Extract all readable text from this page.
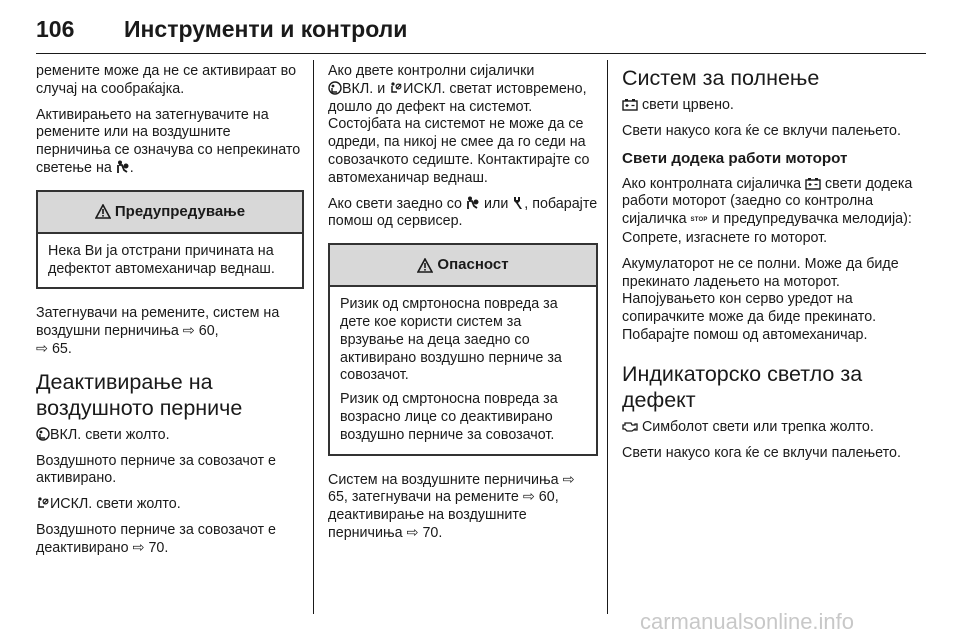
106 Инструменти и контроли

ремените може да не се активираат во случај на сообраќајка.

Активирањето на затегнувачите на ремените или на воздушните перничиња се означува со непрекинато светење на .

Предупредување

Нека Ви ја отстрани причината на дефектот автомеханичар веднаш.

Затегнувачи на ремените, систем на воздушни перничиња ⇨ 60,
⇨ 65.

Деактивирање на воздушното перниче

ВКЛ. свети жолто.

Воздушното перниче за совозачот е активирано.

ИСКЛ. свети жолто.

Воздушното перниче за совозачот е деактивирано ⇨ 70.

Ако двете контролни сијалички

ВКЛ. и ИСКЛ. светат истовремено, дошло до дефект на системот. Состојбата на системот не може да се одреди, па никој не смее да го седи на совозачкото седиште. Контактирајте со автомеханичар веднаш.

Ако свети заедно со или , побарајте помош од сервисер.

Опасност

Ризик од смртоносна повреда за дете кое користи систем за врзување на деца заедно со активирано воздушно перниче за совозачот.

Ризик од смртоносна повреда за возрасно лице со деактивирано воздушно перниче за совозачот.

Систем на воздушните перничиња ⇨ 65, затегнувачи на ремените ⇨ 60, деактивирање на воздушните перничиња ⇨ 70.

Систем за полнење

свети црвено.

Свети накусо кога ќе се вклучи палењето.

Свети додека работи моторот

Ако контролната сијаличка свети додека работи моторот (заедно со контролна сијаличка STOP и предупредувачка мелодија): Сопрете, изгаснете го моторот.

Акумулаторот не се полни. Може да биде прекинато ладењето на моторот. Напојувањето кон серво уредот на сопирачките може да биде прекинато. Побарајте помош од автомеханичар.

Индикаторско светло за дефект

Симболот свети или трепка жолто.

Свети накусо кога ќе се вклучи палењето.

carmanualsonline.info
